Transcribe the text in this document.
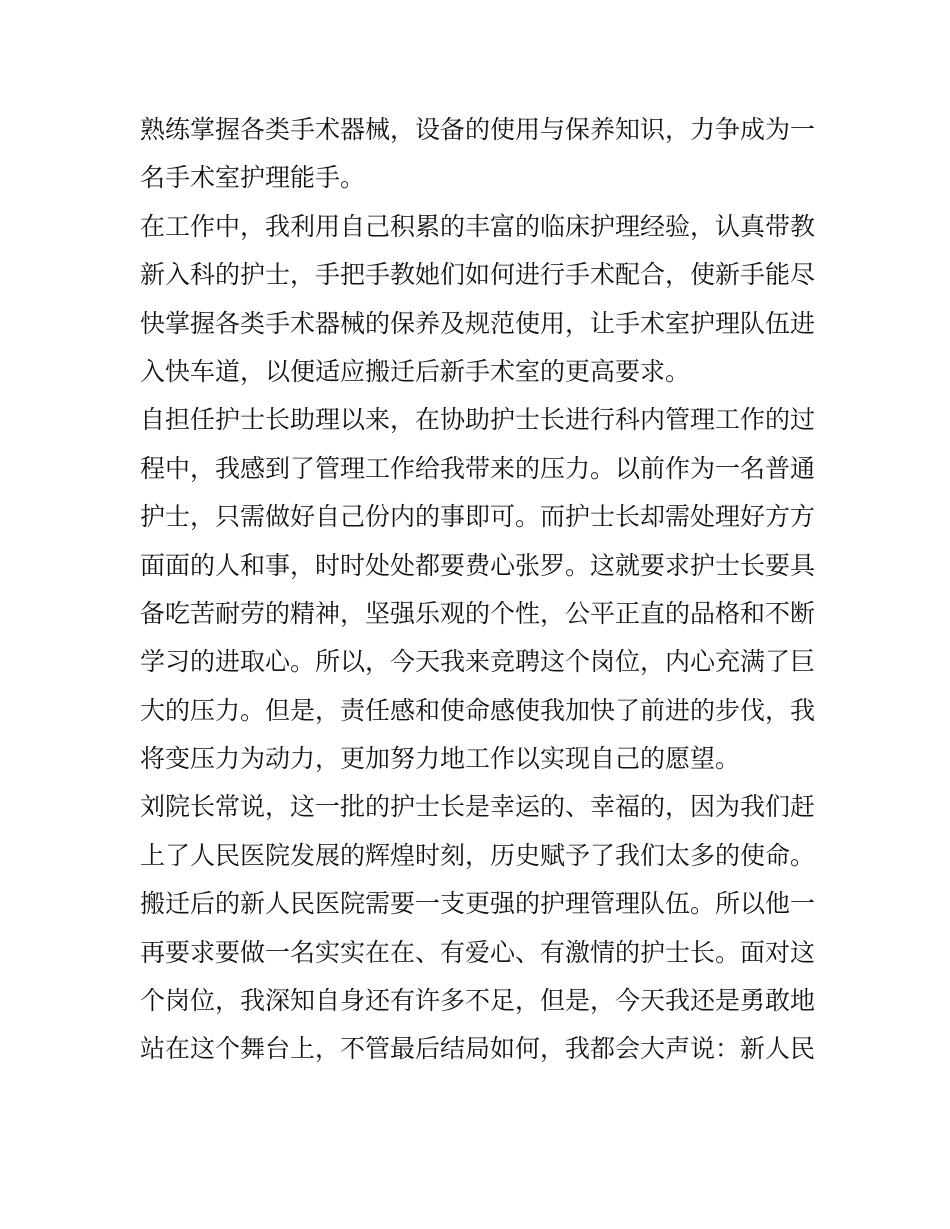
熟练掌握各类手术器械，设备的使用与保养知识，力争成为一
名手术室护理能手。
在工作中，我利用自己积累的丰富的临床护理经验，认真带教
新入科的护士，手把手教她们如何进行手术配合，使新手能尽
快掌握各类手术器械的保养及规范使用，让手术室护理队伍进
入快车道，以便适应搬迁后新手术室的更高要求。
自担任护士长助理以来，在协助护士长进行科内管理工作的过
程中，我感到了管理工作给我带来的压力。以前作为一名普通
护士，只需做好自己份内的事即可。而护士长却需处理好方方
面面的人和事，时时处处都要费心张罗。这就要求护士长要具
备吃苦耐劳的精神，坚强乐观的个性，公平正直的品格和不断
学习的进取心。所以，今天我来竞聘这个岗位，内心充满了巨
大的压力。但是，责任感和使命感使我加快了前进的步伐，我
将变压力为动力，更加努力地工作以实现自己的愿望。
刘院长常说，这一批的护士长是幸运的、幸福的，因为我们赶
上了人民医院发展的辉煌时刻，历史赋予了我们太多的使命。
搬迁后的新人民医院需要一支更强的护理管理队伍。所以他一
再要求要做一名实实在在、有爱心、有激情的护士长。面对这
个岗位，我深知自身还有许多不足，但是，今天我还是勇敢地
站在这个舞台上，不管最后结局如何，我都会大声说：新人民
